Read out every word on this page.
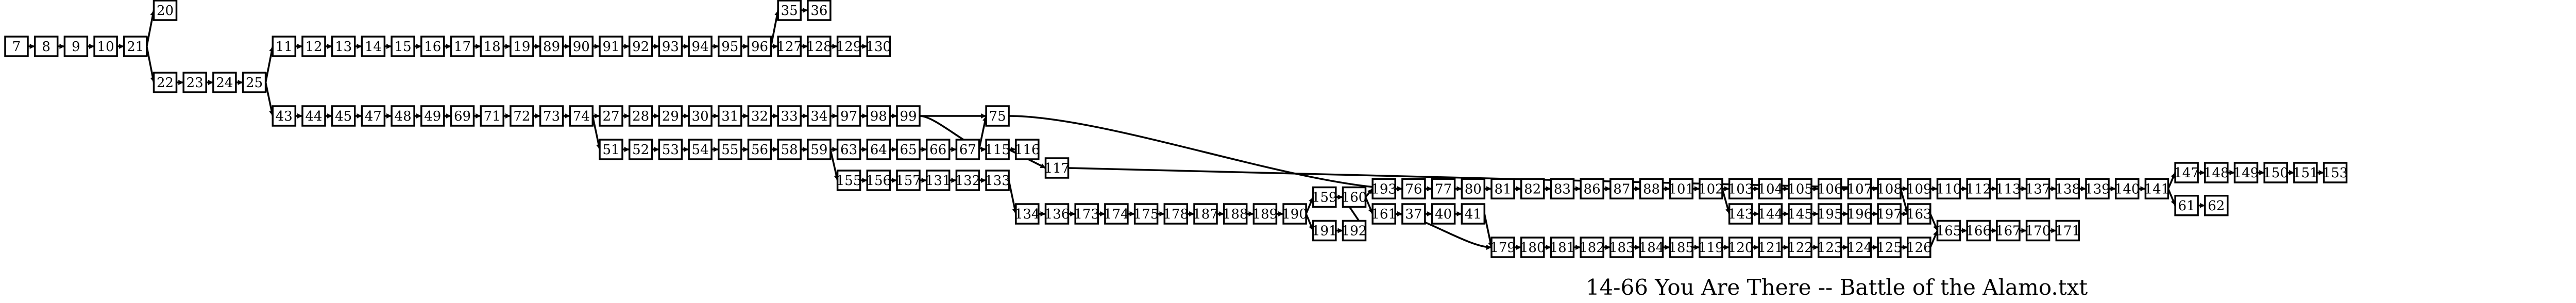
7 8 9 10 21
20
22 23 24 25
11 12 13 14 15 16 17 18 19 89 90 91 92 93 94 95 96
35 36
127 128 129 130
43 44 45 47 48 49 69 71 72 73 74 27 28 29 30 31 32 33 34 97 98 99
51 52 53 54 55 56 58 59 63 64 65 66 67
75
115 116
117
155 156 157 131 132 133
134 136 173 174 175 178 187 188 189 190
159
191
160
192
193
161
76 77 80 81 82 83 86 87 88 101 102 103 104 105 106 107 108 109 110 112 113 137 138 139 140 141
147 148 149 150 151 153
61 62
143 144 145 195 196 197 163
165 166 167 170 171
37 40 41
179 180 181 182 183 184 185 119 120 121 122 123 124 125 126
14-66 You Are There -- Battle of the Alamo.txt
